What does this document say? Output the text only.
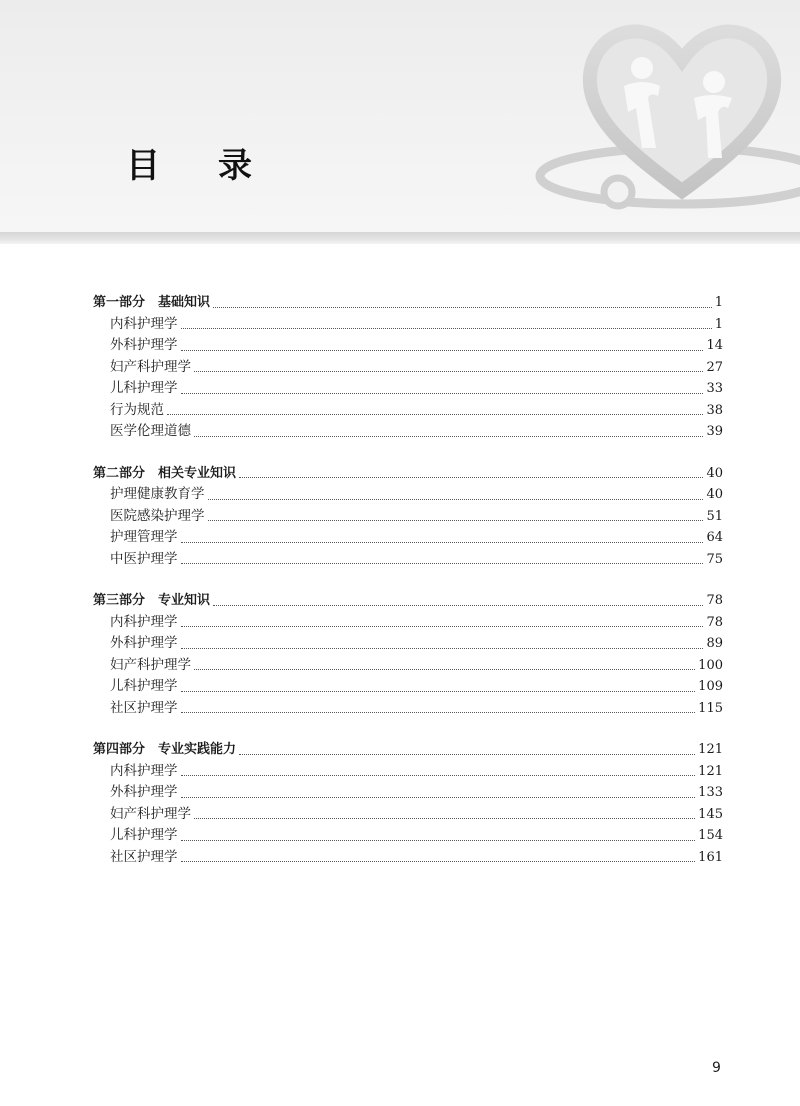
目录
第一部分　基础知识	1
内科护理学	1
外科护理学	14
妇产科护理学	27
儿科护理学	33
行为规范	38
医学伦理道德	39
第二部分　相关专业知识	40
护理健康教育学	40
医院感染护理学	51
护理管理学	64
中医护理学	75
第三部分　专业知识	78
内科护理学	78
外科护理学	89
妇产科护理学	100
儿科护理学	109
社区护理学	115
第四部分　专业实践能力	121
内科护理学	121
外科护理学	133
妇产科护理学	145
儿科护理学	154
社区护理学	161
9
